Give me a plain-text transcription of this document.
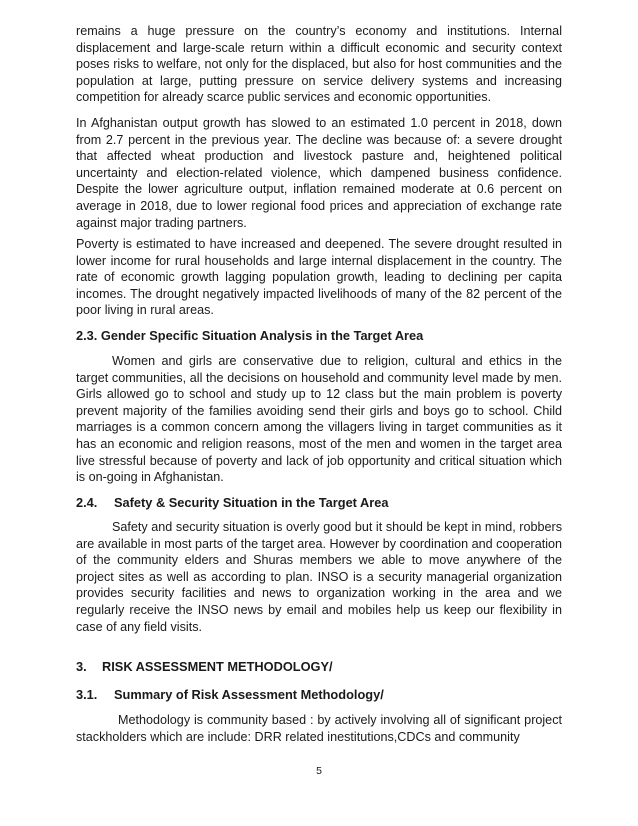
remains a huge pressure on the country’s economy and institutions. Internal displacement and large-scale return within a difficult economic and security context poses risks to welfare, not only for the displaced, but also for host communities and the population at large, putting pressure on service delivery systems and increasing competition for already scarce public services and economic opportunities.

In Afghanistan output growth has slowed to an estimated 1.0 percent in 2018, down from 2.7 percent in the previous year. The decline was because of: a severe drought that affected wheat production and livestock pasture and, heightened political uncertainty and election-related violence, which dampened business confidence. Despite the lower agriculture output, inflation remained moderate at 0.6 percent on average in 2018, due to lower regional food prices and appreciation of exchange rate against major trading partners.

Poverty is estimated to have increased and deepened. The severe drought resulted in lower income for rural households and large internal displacement in the country. The rate of economic growth lagging population growth, leading to declining per capita incomes. The drought negatively impacted livelihoods of many of the 82 percent of the poor living in rural areas.

2.3. Gender Specific Situation Analysis in the Target Area

Women and girls are conservative due to religion, cultural and ethics in the target communities, all the decisions on household and community level made by men. Girls allowed go to school and study up to 12 class but the main problem is poverty prevent majority of the families avoiding send their girls and boys go to school. Child marriages is a common concern among the villagers living in target communities as it has an economic and religion reasons, most of the men and women in the target area live stressful because of poverty and lack of job opportunity and critical situation which is on-going in Afghanistan.

2.4. Safety & Security Situation in the Target Area

Safety and security situation is overly good but it should be kept in mind, robbers are available in most parts of the target area. However by coordination and cooperation of the community elders and Shuras members we able to move anywhere of the project sites as well as according to plan. INSO is a security managerial organization provides security facilities and news to organization working in the area and we regularly receive the INSO news by email and mobiles help us keep our flexibility in case of any field visits.

3. RISK ASSESSMENT METHODOLOGY/

3.1. Summary of Risk Assessment Methodology/

Methodology is community based : by actively involving all of significant project stackholders which are include: DRR related inestitutions,CDCs and community

5
